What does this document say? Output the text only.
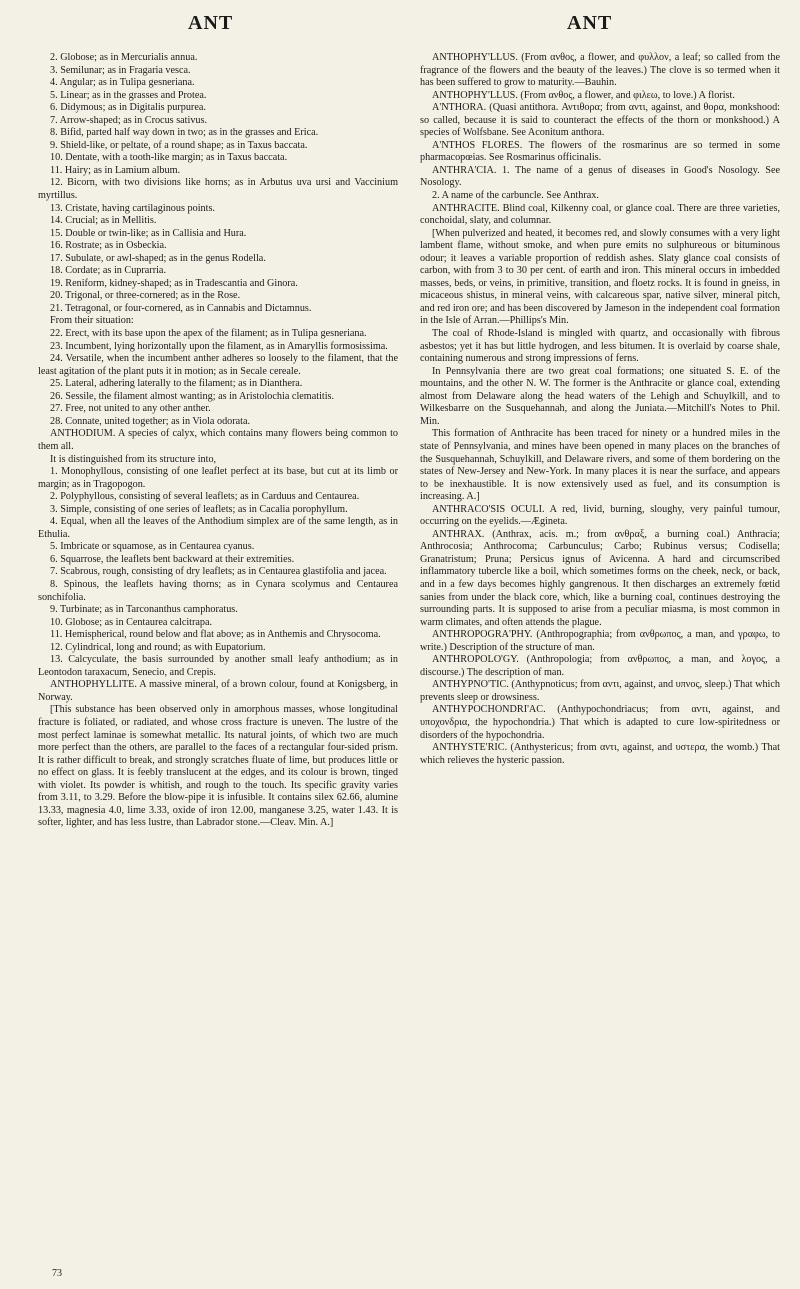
ANT	ANT

2. Globose; as in Mercurialis annua.

3. Semilunar; as in Fragaria vesca.

4. Angular; as in Tulipa gesneriana.

5. Linear; as in the grasses and Protea.

6. Didymous; as in Digitalis purpurea.

7. Arrow-shaped; as in Crocus sativus.

8. Bifid, parted half way down in two; as in the grasses and Erica.

9. Shield-like, or peltate, of a round shape; as in Taxus baccata.

10. Dentate, with a tooth-like margin; as in Taxus baccata.

11. Hairy; as in Lamium album.

12. Bicorn, with two divisions like horns; as in Arbutus uva ursi and Vaccinium myrtillus.

13. Cristate, having cartilaginous points.

14. Crucial; as in Mellitis.

15. Double or twin-like; as in Callisia and Hura.

16. Rostrate; as in Osbeckia.

17. Subulate, or awl-shaped; as in the genus Rodella.

18. Cordate; as in Cuprarria.

19. Reniform, kidney-shaped; as in Tradescantia and Ginora.

20. Trigonal, or three-cornered; as in the Rose.

21. Tetragonal, or four-cornered, as in Cannabis and Dictamnus.

From their situation:

22. Erect, with its base upon the apex of the filament; as in Tulipa gesneriana.

23. Incumbent, lying horizontally upon the filament, as in Amaryllis formosissima.

24. Versatile, when the incumbent anther adheres so loosely to the filament, that the least agitation of the plant puts it in motion; as in Secale cereale.

25. Lateral, adhering laterally to the filament; as in Dianthera.

26. Sessile, the filament almost wanting; as in Aristolochia clematitis.

27. Free, not united to any other anther.

28. Connate, united together; as in Viola odorata.

ANTHODIUM. A species of calyx, which contains many flowers being common to them all.

It is distinguished from its structure into,

1. Monophyllous, consisting of one leaflet perfect at its base, but cut at its limb or margin; as in Tragopogon.

2. Polyphyllous, consisting of several leaflets; as in Carduus and Centaurea.

3. Simple, consisting of one series of leaflets; as in Cacalia porophyllum.

4. Equal, when all the leaves of the Anthodium simplex are of the same length, as in Ethulia.

5. Imbricate or squamose, as in Centaurea cyanus.

6. Squarrose, the leaflets bent backward at their extremities.

7. Scabrous, rough, consisting of dry leaflets; as in Centaurea glastifolia and jacea.

8. Spinous, the leaflets having thorns; as in Cynara scolymus and Centaurea sonchifolia.

9. Turbinate; as in Tarconanthus camphoratus.

10. Globose; as in Centaurea calcitrapa.

11. Hemispherical, round below and flat above; as in Anthemis and Chrysocoma.

12. Cylindrical, long and round; as with Eupatorium.

13. Calcyculate, the basis surrounded by another small leafy anthodium; as in Leontodon taraxacum, Senecio, and Crepis.

ANTHOPHYLLITE. A massive mineral, of a brown colour, found at Konigsberg, in Norway.

[This substance has been observed only in amorphous masses, whose longitudinal fracture is foliated, or radiated, and whose cross fracture is uneven. The lustre of the most perfect laminae is somewhat metallic. Its natural joints, of which two are much more perfect than the others, are parallel to the faces of a rectangular four-sided prism. It is rather difficult to break, and strongly scratches fluate of lime, but produces little or no effect on glass. It is feebly translucent at the edges, and its colour is brown, tinged with violet. Its powder is whitish, and rough to the touch. Its specific gravity varies from 3.11, to 3.29. Before the blow-pipe it is infusible. It contains silex 62.66, alumine 13.33, magnesia 4.0, lime 3.33, oxide of iron 12.00, manganese 3.25, water 1.43. It is softer, lighter, and has less lustre, than Labrador stone.—Cleav. Min. A.]

ANTHOPHY'LLUS. (From ανθος, a flower, and φυλλον, a leaf; so called from the fragrance of the flowers and the beauty of the leaves.) The clove is so termed when it has been suffered to grow to maturity.—Bauhin.

ANTHOPHY'LLUS. (From ανθος, a flower, and φιλεω, to love.) A florist.

A'NTHORA. (Quasi antithora. Αντιθορα; from αντι, against, and θορα, monkshood: so called, because it is said to counteract the effects of the thorn or monkshood.) A species of Wolfsbane. See Aconitum anthora.

A'NTHOS FLORES. The flowers of the rosmarinus are so termed in some pharmacopœias. See Rosmarinus officinalis.

ANTHRA'CIA. 1. The name of a genus of diseases in Good's Nosology. See Nosology.

2. A name of the carbuncle. See Anthrax.

ANTHRACITE. Blind coal, Kilkenny coal, or glance coal. There are three varieties, conchoidal, slaty, and columnar.

[When pulverized and heated, it becomes red, and slowly consumes with a very light lambent flame, without smoke, and when pure emits no sulphureous or bituminous odour; it leaves a variable proportion of reddish ashes. Slaty glance coal consists of carbon, with from 3 to 30 per cent. of earth and iron. This mineral occurs in imbedded masses, beds, or veins, in primitive, transition, and floetz rocks. It is found in gneiss, in micaceous shistus, in mineral veins, with calcareous spar, native silver, mineral pitch, and red iron ore; and has been discovered by Jameson in the independent coal formation in the Isle of Arran.—Phillips's Min.

The coal of Rhode-Island is mingled with quartz, and occasionally with fibrous asbestos; yet it has but little hydrogen, and less bitumen. It is overlaid by coarse shale, containing numerous and strong impressions of ferns.

In Pennsylvania there are two great coal formations; one situated S. E. of the mountains, and the other N. W. The former is the Anthracite or glance coal, extending almost from Delaware along the head waters of the Lehigh and Schuylkill, and to Wilkesbarre on the Susquehannah, and along the Juniata.—Mitchill's Notes to Phil. Min.

This formation of Anthracite has been traced for ninety or a hundred miles in the state of Pennsylvania, and mines have been opened in many places on the branches of the Susquehannah, Schuylkill, and Delaware rivers, and some of them bordering on the states of New-Jersey and New-York. In many places it is near the surface, and appears to be inexhaustible. It is now extensively used as fuel, and its consumption is increasing. A.]

ANTHRACO'SIS OCULI. A red, livid, burning, sloughy, very painful tumour, occurring on the eyelids.—Ægineta.

ANTHRAX. (Anthrax, acis. m.; from ανθραξ, a burning coal.) Anthracia; Anthrocosia; Anthrocoma; Carbunculus; Carbo; Rubinus versus; Codisella; Granatristum; Pruna; Persicus ignus of Avicenna. A hard and circumscribed inflammatory tubercle like a boil, which sometimes forms on the cheek, neck, or back, and in a few days becomes highly gangrenous. It then discharges an extremely fœtid sanies from under the black core, which, like a burning coal, continues destroying the surrounding parts. It is supposed to arise from a peculiar miasma, is most common in warm climates, and often attends the plague.

ANTHROPOGRA'PHY. (Anthropographia; from ανθρωπος, a man, and γραφω, to write.) Description of the structure of man.

ANTHROPOLO'GY. (Anthropologia; from ανθρωπος, a man, and λογος, a discourse.) The description of man.

ANTHYPNO'TIC. (Anthypnoticus; from αντι, against, and υπνος, sleep.) That which prevents sleep or drowsiness.

ANTHYPOCHONDRI'AC. (Anthypochondriacus; from αντι, against, and υποχονδρια, the hypochondria.) That which is adapted to cure low-spiritedness or disorders of the hypochondria.

ANTHYSTE'RIC. (Anthystericus; from αντι, against, and υστερα, the womb.) That which relieves the hysteric passion.

73
